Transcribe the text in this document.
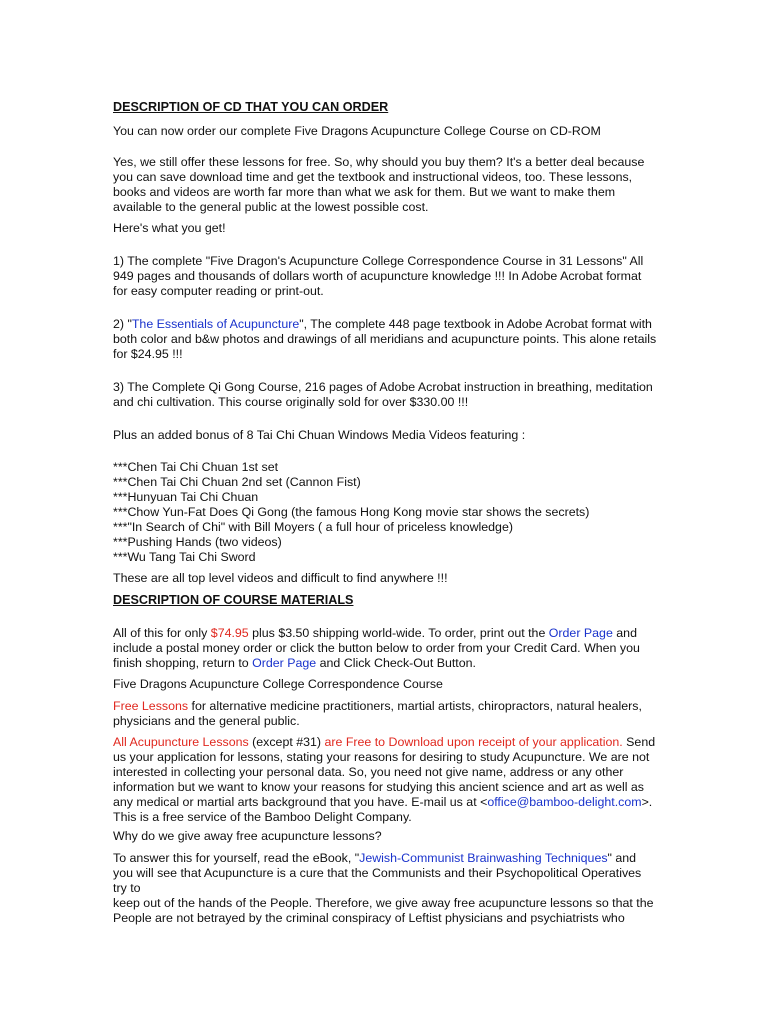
DESCRIPTION OF CD THAT YOU CAN ORDER

You can now order our complete Five Dragons Acupuncture College Course on CD-ROM

Yes, we still offer these lessons for free. So, why should you buy them? It's a better deal because you can save download time and get the textbook and instructional videos, too. These lessons, books and videos are worth far more than what we ask for them. But we want to make them available to the general public at the lowest possible cost.

Here's what you get!

1) The complete "Five Dragon's Acupuncture College Correspondence Course in 31 Lessons" All 949 pages and thousands of dollars worth of acupuncture knowledge !!! In Adobe Acrobat format for easy computer reading or print-out.

2) "The Essentials of Acupuncture", The complete 448 page textbook in Adobe Acrobat format with both color and b&w photos and drawings of all meridians and acupuncture points. This alone retails for $24.95 !!!

3) The Complete Qi Gong Course, 216 pages of Adobe Acrobat instruction in breathing, meditation and chi cultivation. This course originally sold for over $330.00 !!!

Plus an added bonus of 8 Tai Chi Chuan Windows Media Videos featuring :

***Chen Tai Chi Chuan 1st set

***Chen Tai Chi Chuan 2nd set (Cannon Fist)

***Hunyuan Tai Chi Chuan

***Chow Yun-Fat Does Qi Gong (the famous Hong Kong movie star shows the secrets)

***"In Search of Chi" with Bill Moyers ( a full hour of priceless knowledge)

***Pushing Hands (two videos)

***Wu Tang Tai Chi Sword

These are all top level videos and difficult to find anywhere !!!

DESCRIPTION OF COURSE MATERIALS

All of this for only $74.95 plus $3.50 shipping world-wide. To order, print out the Order Page and include a postal money order or click the button below to order from your Credit Card. When you finish shopping, return to Order Page and Click Check-Out Button.

Five Dragons Acupuncture College Correspondence Course

Free Lessons for alternative medicine practitioners, martial artists, chiropractors, natural healers, physicians and the general public.

All Acupuncture Lessons (except #31) are Free to Download upon receipt of your application. Send us your application for lessons, stating your reasons for desiring to study Acupuncture. We are not interested in collecting your personal data. So, you need not give name, address or any other information but we want to know your reasons for studying this ancient science and art as well as any medical or martial arts background that you have. E-mail us at <office@bamboo-delight.com>. This is a free service of the Bamboo Delight Company.

Why do we give away free acupuncture lessons?

To answer this for yourself, read the eBook, "Jewish-Communist Brainwashing Techniques" and you will see that Acupuncture is a cure that the Communists and their Psychopolitical Operatives try to
keep out of the hands of the People. Therefore, we give away free acupuncture lessons so that the People are not betrayed by the criminal conspiracy of Leftist physicians and psychiatrists who
